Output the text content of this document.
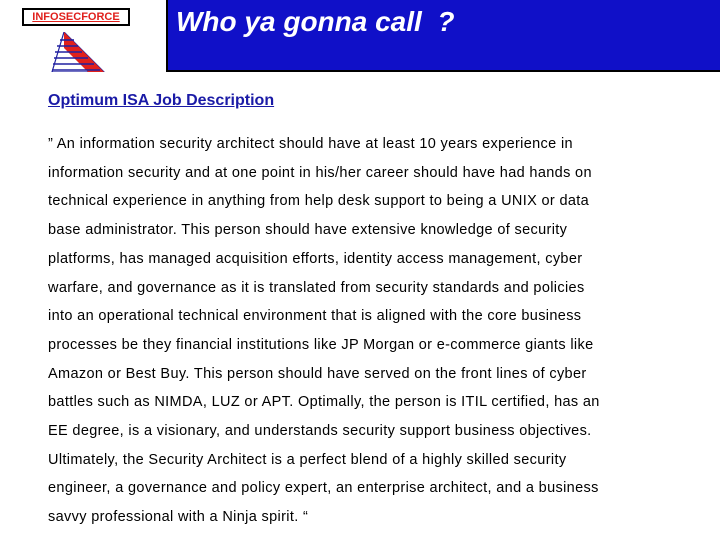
INFOSECFORCE Who ya gonna call  ?
Optimum ISA Job Description
” An information security architect should have at least 10 years experience in
information security and at one point in his/her career should have had hands on
technical experience in anything from help desk support to being a UNIX or data
base administrator. This person should have extensive knowledge of security
platforms, has managed acquisition efforts, identity access management, cyber
warfare, and governance as it is translated from security standards and policies
into an operational technical environment that is aligned with the core business
processes be they financial institutions like JP Morgan or e-commerce giants like
Amazon or Best Buy. This person should have served on the front lines of cyber
battles such as NIMDA, LUZ or APT. Optimally, the person is ITIL certified, has an
EE degree, is a visionary, and understands security support business objectives.
Ultimately, the Security Architect is a perfect blend of a highly skilled security
engineer, a governance and policy expert, an enterprise architect, and a business
savvy professional with a Ninja spirit. “
